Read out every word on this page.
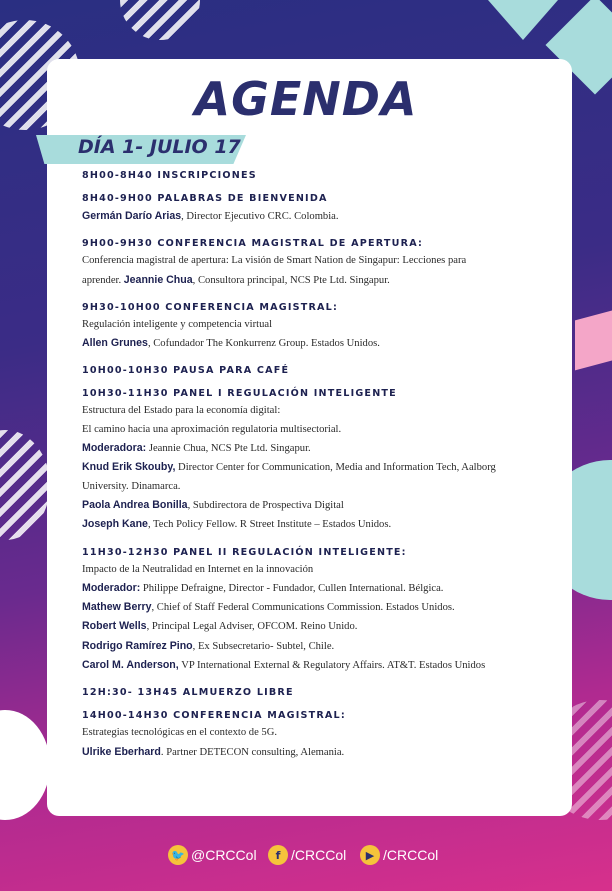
AGENDA
DÍA 1- JULIO 17
8H00-8H40 INSCRIPCIONES
8H40-9H00 PALABRAS DE BIENVENIDA
Germán Darío Arias, Director Ejecutivo CRC. Colombia.
9H00-9H30 CONFERENCIA MAGISTRAL DE APERTURA:
Conferencia magistral de apertura: La visión de Smart Nation de Singapur: Lecciones para
aprender. Jeannie Chua, Consultora principal, NCS Pte Ltd. Singapur.
9H30-10H00 CONFERENCIA MAGISTRAL:
Regulación inteligente y competencia virtual
Allen Grunes, Cofundador The Konkurrenz Group. Estados Unidos.
10H00-10H30 PAUSA PARA CAFÉ
10H30-11H30 PANEL I REGULACIÓN INTELIGENTE
Estructura del Estado para la economía digital:
El camino hacia una aproximación regulatoria multisectorial.
Moderadora: Jeannie Chua, NCS Pte Ltd. Singapur.
Knud Erik Skouby, Director Center for Communication, Media and Information Tech, Aalborg
University. Dinamarca.
Paola Andrea Bonilla, Subdirectora de Prospectiva Digital
Joseph Kane, Tech Policy Fellow. R Street Institute – Estados Unidos.
11H30-12H30 PANEL II REGULACIÓN INTELIGENTE:
Impacto de la Neutralidad en Internet en la innovación
Moderador: Philippe Defraigne, Director - Fundador, Cullen International. Bélgica.
Mathew Berry, Chief of Staff Federal Communications Commission. Estados Unidos.
Robert Wells, Principal Legal Adviser, OFCOM. Reino Unido.
Rodrigo Ramírez Pino, Ex Subsecretario- Subtel, Chile.
Carol M. Anderson, VP International External & Regulatory Affairs. AT&T. Estados Unidos
12H:30- 13H45 ALMUERZO LIBRE
14H00-14H30 CONFERENCIA MAGISTRAL:
Estrategias tecnológicas en el contexto de 5G.
Ulrike Eberhard. Partner DETECON consulting, Alemania.
🐦 @CRCCol f /CRCCol ▶ /CRCCol
